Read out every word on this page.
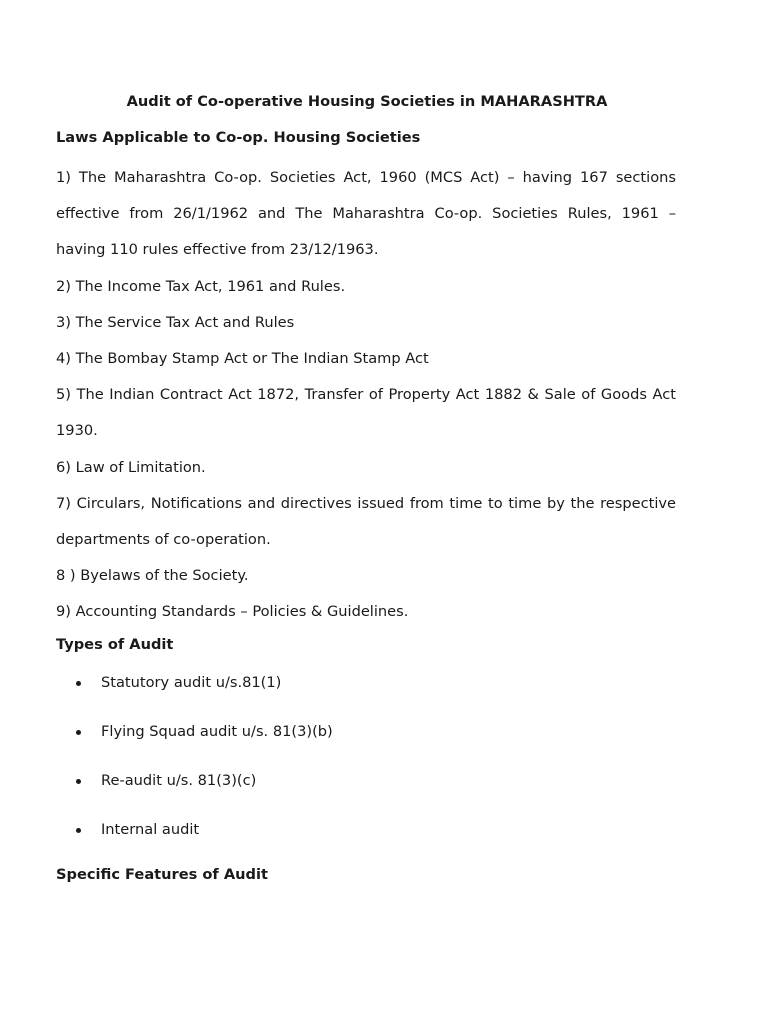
Audit of Co-operative Housing Societies in MAHARASHTRA
Laws Applicable to Co-op. Housing Societies

1) The Maharashtra Co-op. Societies Act, 1960 (MCS Act) – having 167 sections effective from 26/1/1962 and The Maharashtra Co-op. Societies Rules, 1961 – having 110 rules effective from 23/12/1963.

2) The Income Tax Act, 1961 and Rules.

3) The Service Tax Act and Rules

4) The Bombay Stamp Act or The Indian Stamp Act

5) The Indian Contract Act 1872, Transfer of Property Act 1882 & Sale of Goods Act 1930.

6) Law of Limitation.

7) Circulars, Notifications and directives issued from time to time by the respective departments of co-operation.

8 ) Byelaws of the Society.

9) Accounting Standards – Policies & Guidelines.

Types of Audit
Statutory audit u/s.81(1)
Flying Squad audit u/s. 81(3)(b)
Re-audit u/s. 81(3)(c)
Internal audit
Specific Features of Audit
